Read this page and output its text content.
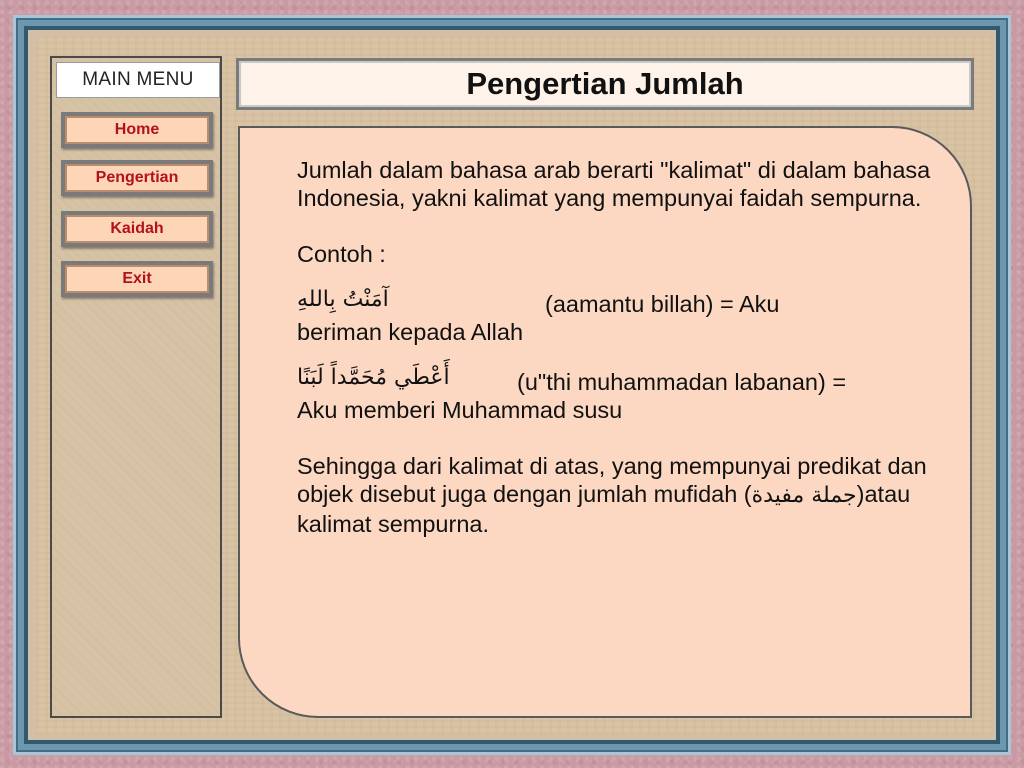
MAIN MENU
Home
Pengertian
Kaidah
Exit
Pengertian Jumlah

Jumlah dalam bahasa arab berarti "kalimat" di dalam bahasa Indonesia, yakni kalimat yang mempunyai faidah sempurna.

Contoh :

آمَنْتُ بِاللهِ	(aamantu billah) = Aku

beriman kepada Allah

أَعْطَي مُحَمَّداً لَبَنًا	(u"thi muhammadan labanan) =

Aku memberi Muhammad susu

Sehingga dari kalimat di atas, yang mempunyai predikat dan objek disebut juga dengan jumlah mufidah (جملة مفيدة)atau kalimat sempurna.
